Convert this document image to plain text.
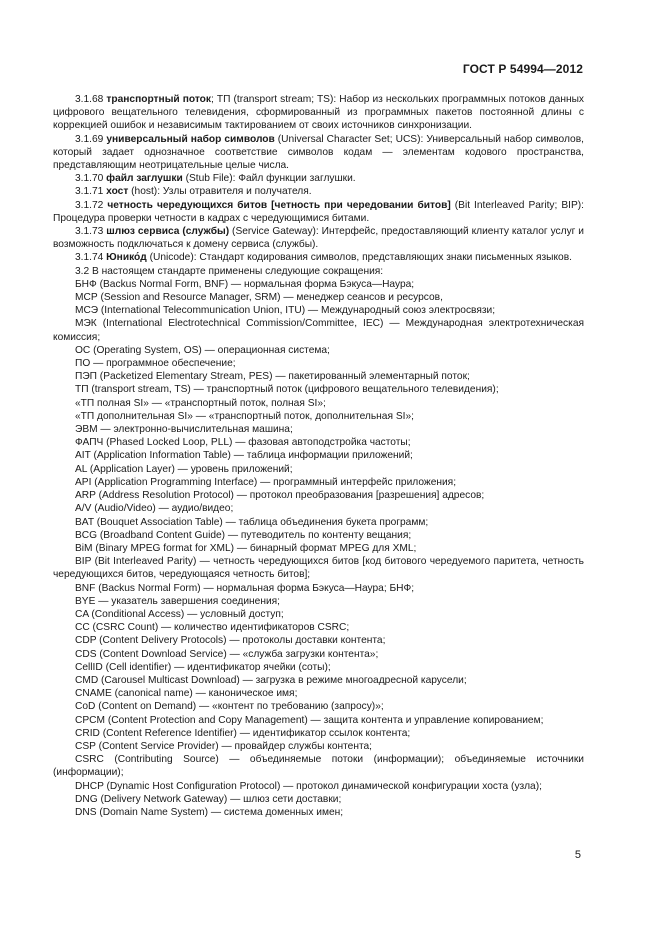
ГОСТ Р 54994—2012

3.1.68 транспортный поток; ТП (transport stream; TS): Набор из нескольких программных потоков данных цифрового вещательного телевидения, сформированный из программных пакетов постоянной длины с коррекцией ошибок и независимым тактированием от своих источников синхронизации.

3.1.69 универсальный набор символов (Universal Character Set; UCS): Универсальный набор символов, который задает однозначное соответствие символов кодам — элементам кодового пространства, представляющим неотрицательные целые числа.

3.1.70 файл заглушки (Stub File): Файл функции заглушки.

3.1.71 хост (host): Узлы отравителя и получателя.

3.1.72 четность чередующихся битов [четность при чередовании битов] (Bit Interleaved Parity; BIP): Процедура проверки четности в кадрах с чередующимися битами.

3.1.73 шлюз сервиса (службы) (Service Gateway): Интерфейс, предоставляющий клиенту каталог услуг и возможность подключаться к домену сервиса (службы).

3.1.74 Юнико́д (Unicode): Стандарт кодирования символов, представляющих знаки письменных языков.

3.2 В настоящем стандарте применены следующие сокращения:

БНФ (Backus Normal Form, BNF) — нормальная форма Бэкуса—Наура;

МСР (Session and Resource Manager, SRM) — менеджер сеансов и ресурсов,

МСЭ (International Telecommunication Union, ITU) — Международный союз электросвязи;

МЭК (International Electrotechnical Commission/Committee, IEC) — Международная электротехническая комиссия;

ОС (Operating System, OS) — операционная система;

ПО — программное обеспечение;

ПЭП (Packetized Elementary Stream, PES) — пакетированный элементарный поток;

ТП (transport stream, TS) — транспортный поток (цифрового вещательного телевидения);

«ТП полная SI» — «транспортный поток, полная SI»;

«ТП дополнительная SI» — «транспортный поток, дополнительная SI»;

ЭВМ — электронно-вычислительная машина;

ФАПЧ (Phased Locked Loop, PLL) — фазовая автоподстройка частоты;

AIT (Application Information Table) — таблица информации приложений;

AL (Application Layer) — уровень приложений;

API (Application Programming Interface) — программный интерфейс приложения;

ARP (Address Resolution Protocol) — протокол преобразования [разрешения] адресов;

A/V (Audio/Video) — аудио/видео;

BAT (Bouquet Association Table) — таблица объединения букета программ;

BCG (Broadband Content Guide) — путеводитель по контенту вещания;

BiM (Binary MPEG format for XML) — бинарный формат MPEG для XML;

BIP (Bit Interleaved Parity) — четность чередующихся битов [код битового чередуемого паритета, четность чередующихся битов, чередующаяся четность битов];

BNF (Backus Normal Form) — нормальная форма Бэкуса—Наура; БНФ;

BYE — указатель завершения соединения;

CA (Conditional Access) — условный доступ;

CC (CSRC Count) — количество идентификаторов CSRC;

CDP (Content Delivery Protocols) — протоколы доставки контента;

CDS (Content Download Service) — «служба загрузки контента»;

CellID (Cell identifier) — идентификатор ячейки (соты);

CMD (Carousel Multicast Download) — загрузка в режиме многоадресной карусели;

CNAME (canonical name) — каноническое имя;

CoD (Content on Demand) — «контент по требованию (запросу)»;

CPCM (Content Protection and Copy Management) — защита контента и управление копированием;

CRID (Content Reference Identifier) — идентификатор ссылок контента;

CSP (Content Service Provider) — провайдер службы контента;

CSRC (Contributing Source) — объединяемые потоки (информации); объединяемые источники (информации);

DHCP (Dynamic Host Configuration Protocol) — протокол динамической конфигурации хоста (узла);

DNG (Delivery Network Gateway) — шлюз сети доставки;

DNS (Domain Name System) — система доменных имен;

5
